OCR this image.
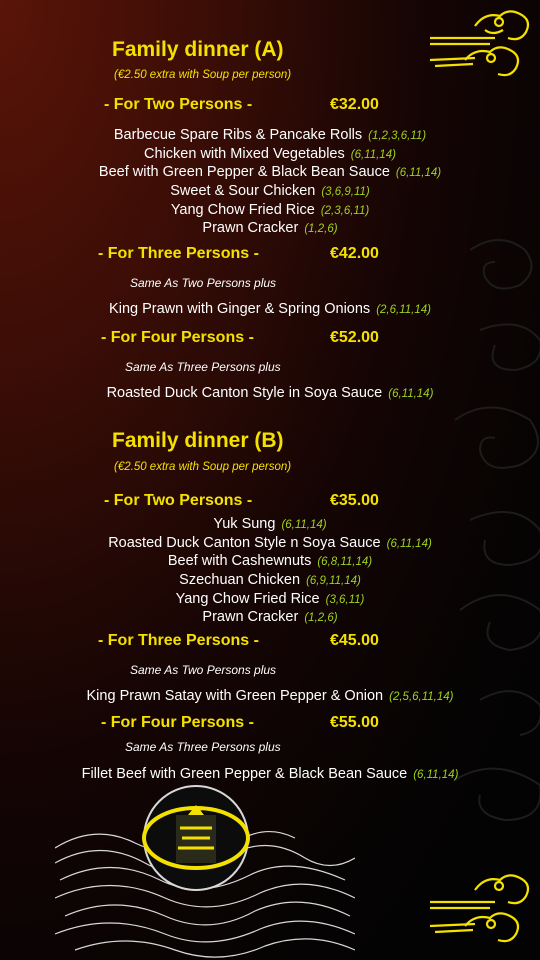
金龍
Family dinner (A)
(€2.50 extra with Soup per person)
- For Two Persons -	€32.00
Barbecue Spare Ribs & Pancake Rolls (1,2,3,6,11)
Chicken with Mixed Vegetables (6,11,14)
Beef with Green Pepper & Black Bean Sauce (6,11,14)
Sweet & Sour Chicken (3,6,9,11)
Yang Chow Fried Rice (2,3,6,11)
Prawn Cracker (1,2,6)
- For Three Persons -	€42.00
Same As Two Persons plus
King Prawn with Ginger & Spring Onions (2,6,11,14)
- For Four Persons -	€52.00
Same As Three Persons plus
Roasted Duck Canton Style in Soya Sauce (6,11,14)
Family dinner (B)
(€2.50 extra with Soup per person)
- For Two Persons -	€35.00
Yuk Sung (6,11,14)
Roasted Duck Canton Style n Soya Sauce (6,11,14)
Beef with Cashewnuts (6,8,11,14)
Szechuan Chicken (6,9,11,14)
Yang Chow Fried Rice (3,6,11)
Prawn Cracker (1,2,6)
- For Three Persons -	€45.00
Same As Two Persons plus
King Prawn Satay with Green Pepper & Onion (2,5,6,11,14)
- For Four Persons -	€55.00
Same As Three Persons plus
Fillet Beef with Green Pepper & Black Bean Sauce (6,11,14)
